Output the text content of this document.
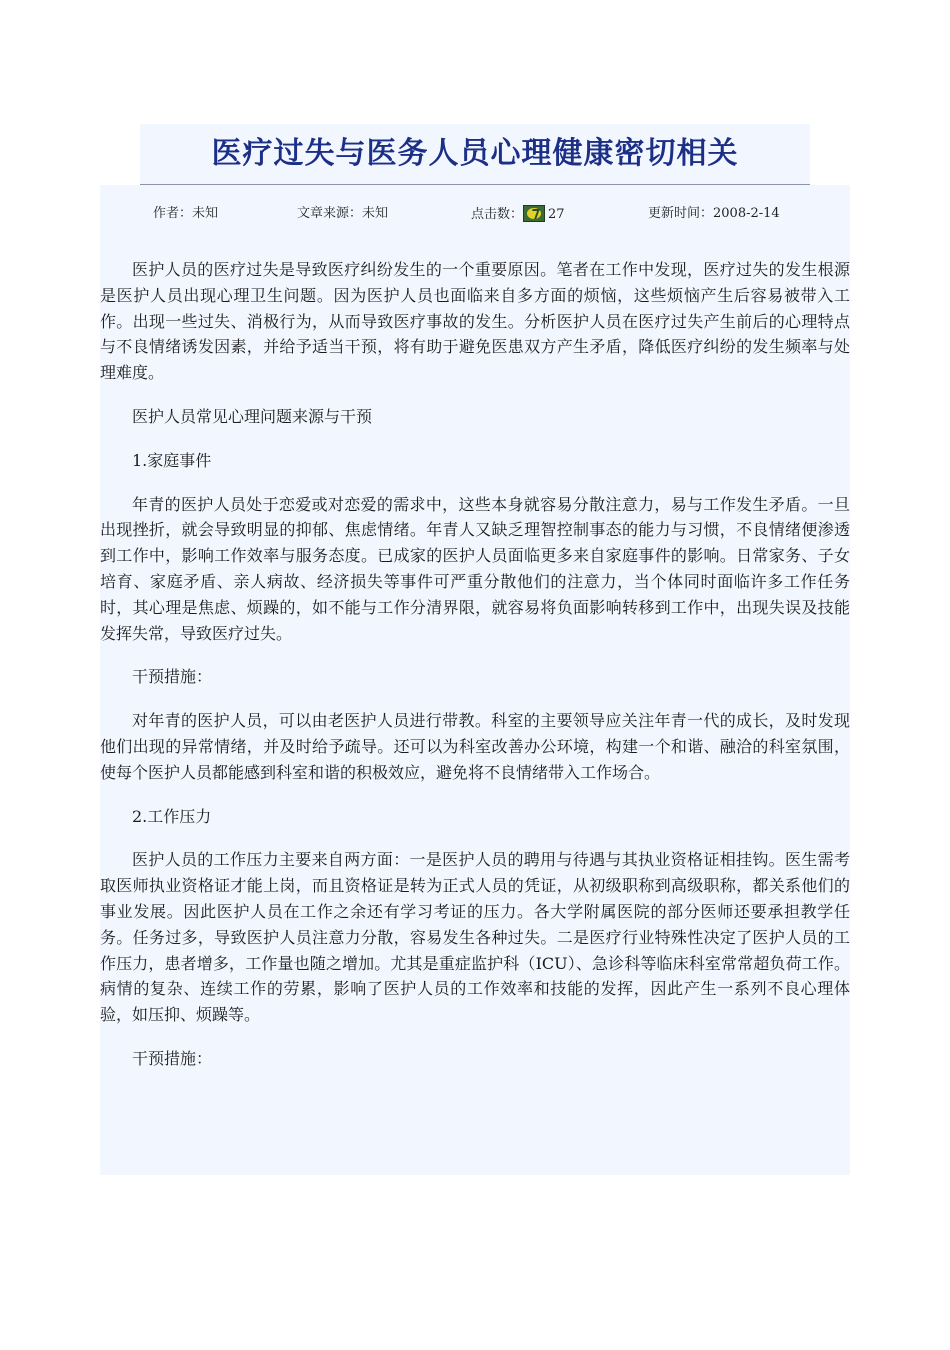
医疗过失与医务人员心理健康密切相关
作者：未知	文章来源：未知	点击数： 27	更新时间：2008-2-14

医护人员的医疗过失是导致医疗纠纷发生的一个重要原因。笔者在工作中发现，医疗过失的发生根源是医护人员出现心理卫生问题。因为医护人员也面临来自多方面的烦恼，这些烦恼产生后容易被带入工作。出现一些过失、消极行为，从而导致医疗事故的发生。分析医护人员在医疗过失产生前后的心理特点与不良情绪诱发因素，并给予适当干预，将有助于避免医患双方产生矛盾，降低医疗纠纷的发生频率与处理难度。

医护人员常见心理问题来源与干预

1.家庭事件

年青的医护人员处于恋爱或对恋爱的需求中，这些本身就容易分散注意力，易与工作发生矛盾。一旦出现挫折，就会导致明显的抑郁、焦虑情绪。年青人又缺乏理智控制事态的能力与习惯，不良情绪便渗透到工作中，影响工作效率与服务态度。已成家的医护人员面临更多来自家庭事件的影响。日常家务、子女培育、家庭矛盾、亲人病故、经济损失等事件可严重分散他们的注意力，当个体同时面临许多工作任务时，其心理是焦虑、烦躁的，如不能与工作分清界限，就容易将负面影响转移到工作中，出现失误及技能发挥失常，导致医疗过失。

干预措施：

对年青的医护人员，可以由老医护人员进行带教。科室的主要领导应关注年青一代的成长，及时发现他们出现的异常情绪，并及时给予疏导。还可以为科室改善办公环境，构建一个和谐、融洽的科室氛围，使每个医护人员都能感到科室和谐的积极效应，避免将不良情绪带入工作场合。

2.工作压力

医护人员的工作压力主要来自两方面：一是医护人员的聘用与待遇与其执业资格证相挂钩。医生需考取医师执业资格证才能上岗，而且资格证是转为正式人员的凭证，从初级职称到高级职称，都关系他们的事业发展。因此医护人员在工作之余还有学习考证的压力。各大学附属医院的部分医师还要承担教学任务。任务过多，导致医护人员注意力分散，容易发生各种过失。二是医疗行业特殊性决定了医护人员的工作压力，患者增多，工作量也随之增加。尤其是重症监护科（ICU）、急诊科等临床科室常常超负荷工作。病情的复杂、连续工作的劳累，影响了医护人员的工作效率和技能的发挥，因此产生一系列不良心理体验，如压抑、烦躁等。

干预措施：
